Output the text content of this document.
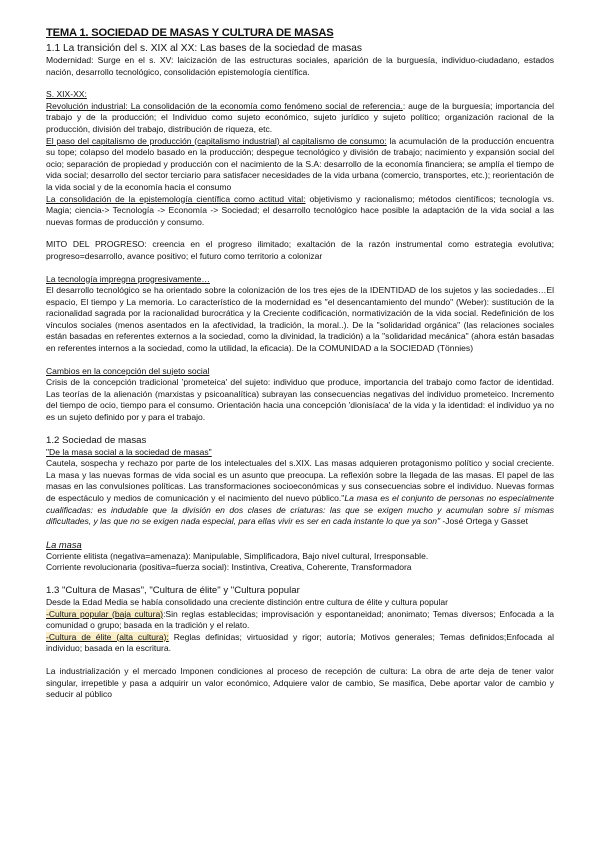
TEMA 1. SOCIEDAD DE MASAS Y CULTURA DE MASAS
1.1 La transición del s. XIX al XX: Las bases de la sociedad de masas

Modernidad: Surge en el s. XV: laicización de las estructuras sociales, aparición de la burguesía, individuo-ciudadano, estados nación, desarrollo tecnológico, consolidación epistemología científica.

S. XIX-XX:

Revolución industrial: La consolidación de la economía como fenómeno social de referencia.: auge de la burguesía; importancia del trabajo y de la producción; el Individuo como sujeto económico, sujeto jurídico y sujeto político; organización racional de la producción, división del trabajo, distribución de riqueza, etc.

El paso del capitalismo de producción (capitalismo industrial) al capitalismo de consumo: la acumulación de la producción encuentra su tope; colapso del modelo basado en la producción; despegue tecnológico y división de trabajo; nacimiento y expansión social del ocio; separación de propiedad y producción con el nacimiento de la S.A: desarrollo de la economía financiera; se amplía el tiempo de vida social; desarrollo del sector terciario para satisfacer necesidades de la vida urbana (comercio, transportes, etc.); reorientación de la vida social y de la economía hacia el consumo

La consolidación de la epistemología científica como actitud vital: objetivismo y racionalismo; métodos científicos; tecnología vs. Magia; ciencia-> Tecnología -> Economía -> Sociedad; el desarrollo tecnológico hace posible la adaptación de la vida social a las nuevas formas de producción y consumo.

MITO DEL PROGRESO: creencia en el progreso ilimitado; exaltación de la razón instrumental como estrategia evolutiva; progreso=desarrollo, avance positivo; el futuro como territorio a colonizar

La tecnología impregna progresivamente…

El desarrollo tecnológico se ha orientado sobre la colonización de los tres ejes de la IDENTIDAD de los sujetos y las sociedades…El espacio, El tiempo y La memoria. Lo característico de la modernidad es "el desencantamiento del mundo" (Weber): sustitución de la racionalidad sagrada por la racionalidad burocrática y la Creciente codificación, normativización de la vida social. Redefinición de los vínculos sociales (menos asentados en la afectividad, la tradición, la moral..). De la "solidaridad orgánica" (las relaciones sociales están basadas en referentes externos a la sociedad, como la divinidad, la tradición) a la "solidaridad mecánica" (ahora están basadas en referentes internos a la sociedad, como la utilidad, la eficacia). De la COMUNIDAD a la SOCIEDAD (Tönnies)

Cambios en la concepción del sujeto social

Crisis de la concepción tradicional 'prometeica' del sujeto: individuo que produce, importancia del trabajo como factor de identidad. Las teorías de la alienación (marxistas y psicoanalítica) subrayan las consecuencias negativas del individuo prometeico. Incremento del tiempo de ocio, tiempo para el consumo. Orientación hacia una concepción 'dionisíaca' de la vida y la identidad: el individuo ya no es un sujeto definido por y para el trabajo.

1.2 Sociedad de masas

"De la masa social a la sociedad de masas"

Cautela, sospecha y rechazo por parte de los intelectuales del s.XIX. Las masas adquieren protagonismo político y social creciente. La masa y las nuevas formas de vida social es un asunto que preocupa. La reflexión sobre la llegada de las masas. El papel de las masas en las convulsiones políticas. Las transformaciones socioeconómicas y sus consecuencias sobre el individuo. Nuevas formas de espectáculo y medios de comunicación y el nacimiento del nuevo público."La masa es el conjunto de personas no especialmente cualificadas: es indudable que la división en dos clases de criaturas: las que se exigen mucho y acumulan sobre sí mismas dificultades, y las que no se exigen nada especial, para ellas vivir es ser en cada instante lo que ya son" -José Ortega y Gasset

La masa

Corriente elitista (negativa=amenaza): Manipulable, Simplificadora, Bajo nivel cultural, Irresponsable.

Corriente revolucionaria (positiva=fuerza social): Instintiva, Creativa, Coherente, Transformadora

1.3 "Cultura de Masas", "Cultura de élite" y "Cultura popular

Desde la Edad Media se había consolidado una creciente distinción entre cultura de élite y cultura popular

-Cultura popular (baja cultura):Sin reglas establecidas; improvisación y espontaneidad; anonimato; Temas diversos; Enfocada a la comunidad o grupo; basada en la tradición y el relato.

-Cultura de élite (alta cultura): Reglas definidas; virtuosidad y rigor; autoría; Motivos generales; Temas definidos;Enfocada al individuo; basada en la escritura.

La industrialización y el mercado Imponen condiciones al proceso de recepción de cultura: La obra de arte deja de tener valor singular, irrepetible y pasa a adquirir un valor económico, Adquiere valor de cambio, Se masifica, Debe aportar valor de cambio y seducir al público
